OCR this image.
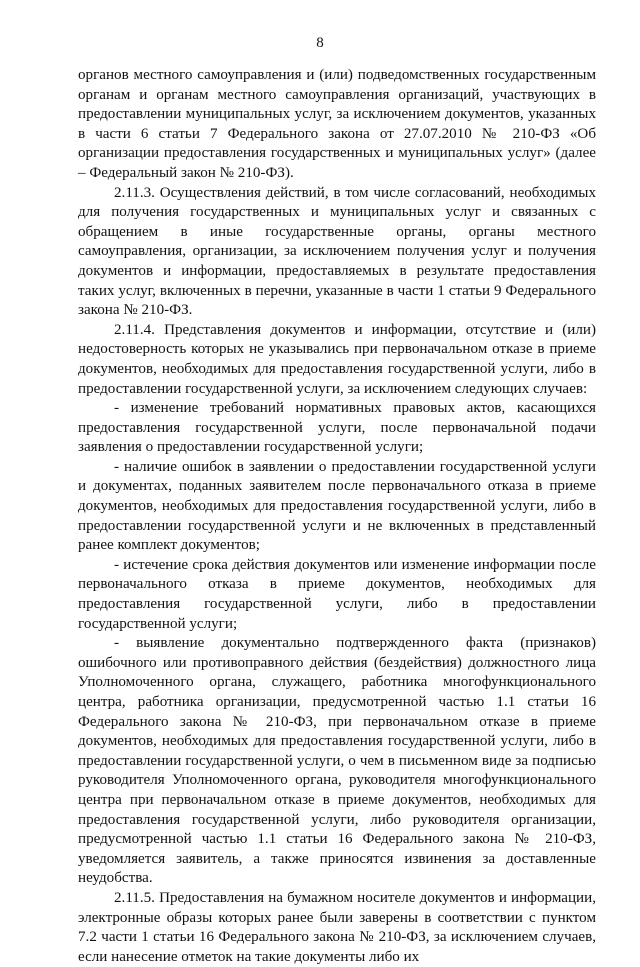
8

органов местного самоуправления и (или) подведомственных государственным органам и органам местного самоуправления организаций, участвующих в предоставлении муниципальных услуг, за исключением документов, указанных в части 6 статьи 7 Федерального закона от 27.07.2010 № 210-ФЗ «Об организации предоставления государственных и муниципальных услуг» (далее – Федеральный закон № 210-ФЗ).

2.11.3. Осуществления действий, в том числе согласований, необходимых для получения государственных и муниципальных услуг и связанных с обращением в иные государственные органы, органы местного самоуправления, организации, за исключением получения услуг и получения документов и информации, предоставляемых в результате предоставления таких услуг, включенных в перечни, указанные в части 1 статьи 9 Федерального закона № 210-ФЗ.

2.11.4. Представления документов и информации, отсутствие и (или) недостоверность которых не указывались при первоначальном отказе в приеме документов, необходимых для предоставления государственной услуги, либо в предоставлении государственной услуги, за исключением следующих случаев:

- изменение требований нормативных правовых актов, касающихся предоставления государственной услуги, после первоначальной подачи заявления о предоставлении государственной услуги;

- наличие ошибок в заявлении о предоставлении государственной услуги и документах, поданных заявителем после первоначального отказа в приеме документов, необходимых для предоставления государственной услуги, либо в предоставлении государственной услуги и не включенных в представленный ранее комплект документов;

- истечение срока действия документов или изменение информации после первоначального отказа в приеме документов, необходимых для предоставления государственной услуги, либо в предоставлении государственной услуги;

- выявление документально подтвержденного факта (признаков) ошибочного или противоправного действия (бездействия) должностного лица Уполномоченного органа, служащего, работника многофункционального центра, работника организации, предусмотренной частью 1.1 статьи 16 Федерального закона № 210-ФЗ, при первоначальном отказе в приеме документов, необходимых для предоставления государственной услуги, либо в предоставлении государственной услуги, о чем в письменном виде за подписью руководителя Уполномоченного органа, руководителя многофункционального центра при первоначальном отказе в приеме документов, необходимых для предоставления государственной услуги, либо руководителя организации, предусмотренной частью 1.1 статьи 16 Федерального закона № 210-ФЗ, уведомляется заявитель, а также приносятся извинения за доставленные неудобства.

2.11.5. Предоставления на бумажном носителе документов и информации, электронные образы которых ранее были заверены в соответствии с пунктом 7.2 части 1 статьи 16 Федерального закона № 210-ФЗ, за исключением случаев, если нанесение отметок на такие документы либо их
